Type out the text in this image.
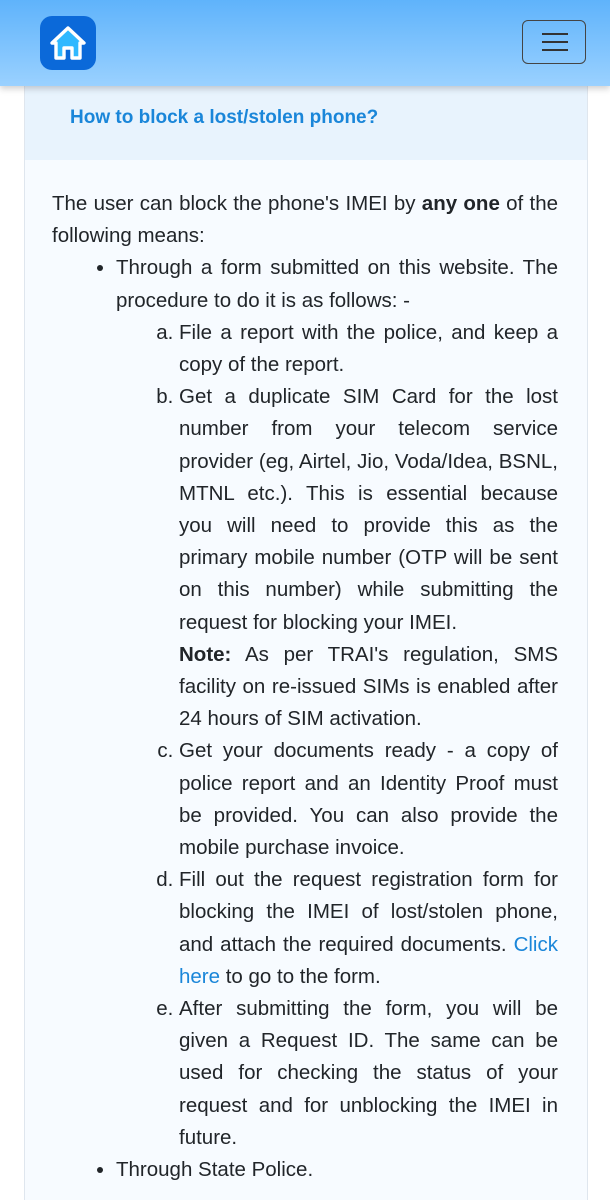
How to block a lost/stolen phone?

The user can block the phone's IMEI by any one of the following means:

• Through a form submitted on this website. The procedure to do it is as follows: -
a. File a report with the police, and keep a copy of the report.
b. Get a duplicate SIM Card for the lost number from your telecom service provider (eg, Airtel, Jio, Voda/Idea, BSNL, MTNL etc.). This is essential because you will need to provide this as the primary mobile number (OTP will be sent on this number) while submitting the request for blocking your IMEI.
Note: As per TRAI's regulation, SMS facility on re-issued SIMs is enabled after 24 hours of SIM activation.
c. Get your documents ready - a copy of police report and an Identity Proof must be provided. You can also provide the mobile purchase invoice.
d. Fill out the request registration form for blocking the IMEI of lost/stolen phone, and attach the required documents. Click here to go to the form.
e. After submitting the form, you will be given a Request ID. The same can be used for checking the status of your request and for unblocking the IMEI in future.
• Through State Police.
